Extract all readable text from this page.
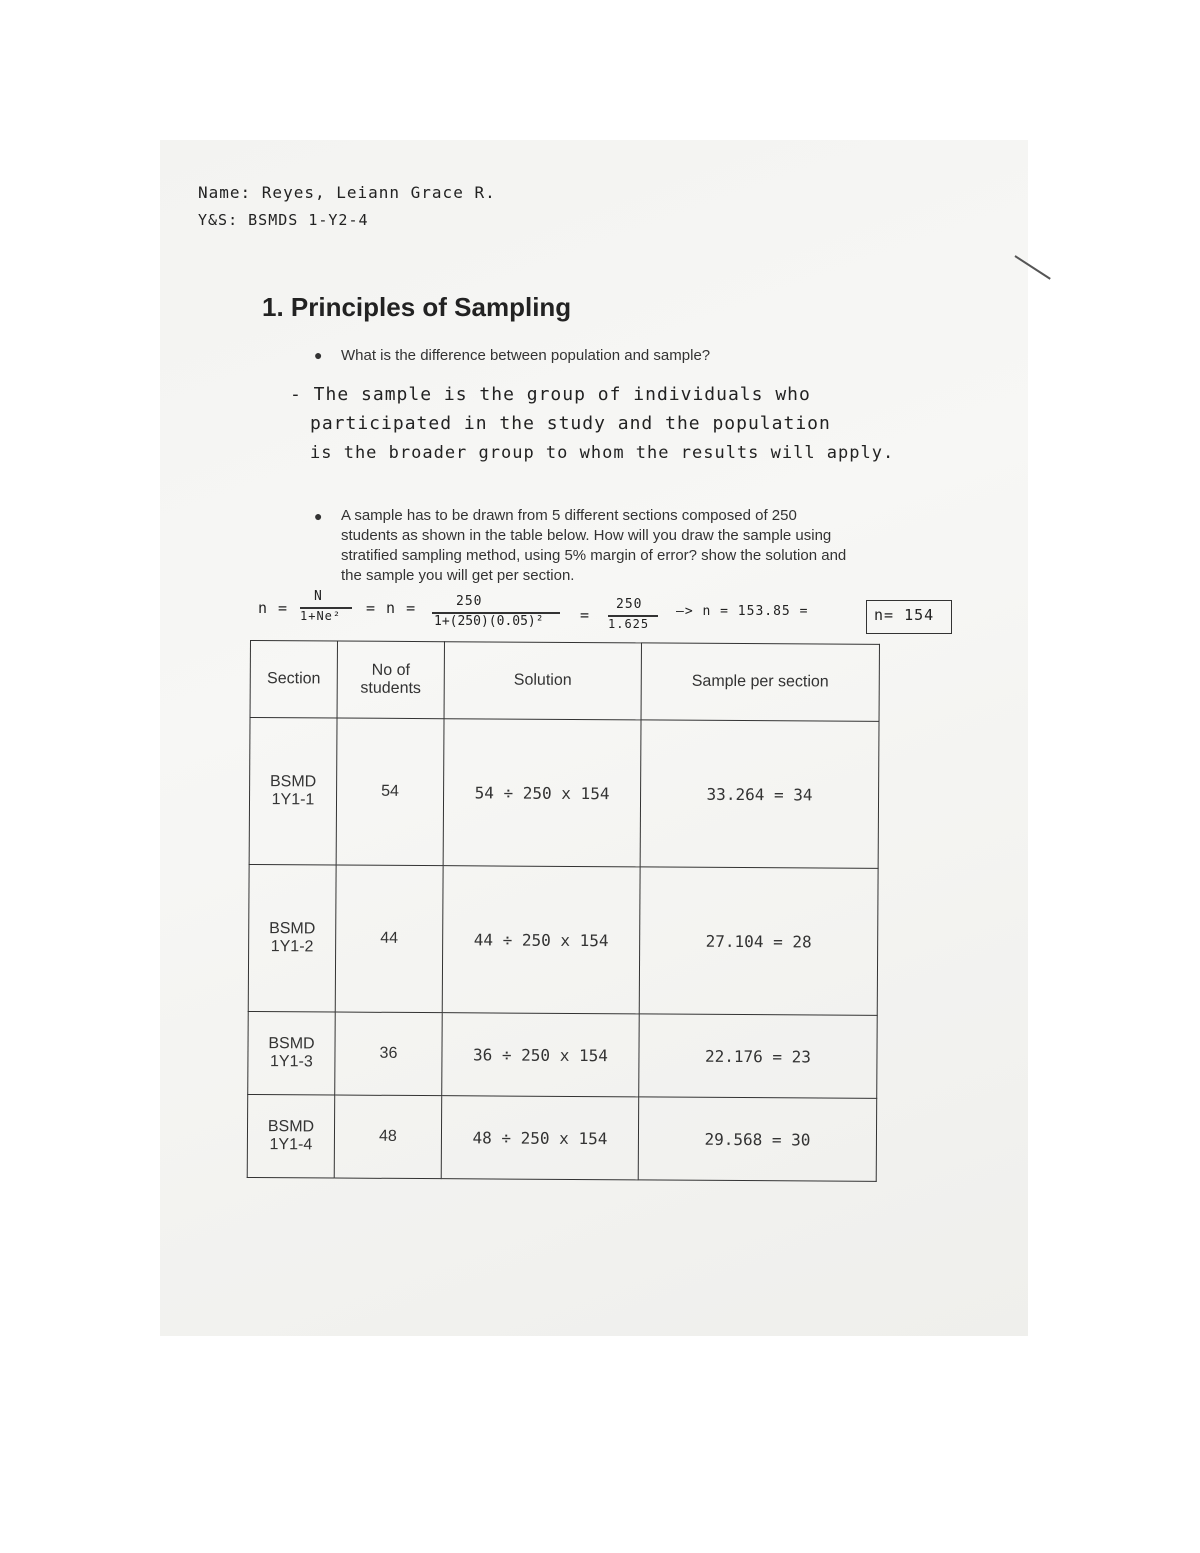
Name: Reyes, Leiann Grace R.
Y&S: BSMDS 1-Y2-4
1. Principles of Sampling
● What is the difference between population and sample?
- The sample is the group of individuals who
participated in the study and the population
is the broader group to whom the results will apply.
● A sample has to be drawn from 5 different sections composed of 250
students as shown in the table below. How will you draw the sample using
stratified sampling method, using 5% margin of error? show the solution and
the sample you will get per section.
n =
N
1+Ne² = n =	250
1+(250)(0.05)² =
250
1.625
—> n = 153.85 =	n= 154
Section	No of students	Solution	Sample per section
BSMD 1Y1-1	54	54 ÷ 250 x 154	33.264 = 34
BSMD 1Y1-2	44	44 ÷ 250 x 154	27.104 = 28
BSMD 1Y1-3	36	36 ÷ 250 x 154	22.176 = 23
BSMD 1Y1-4	48	48 ÷ 250 x 154	29.568 = 30
